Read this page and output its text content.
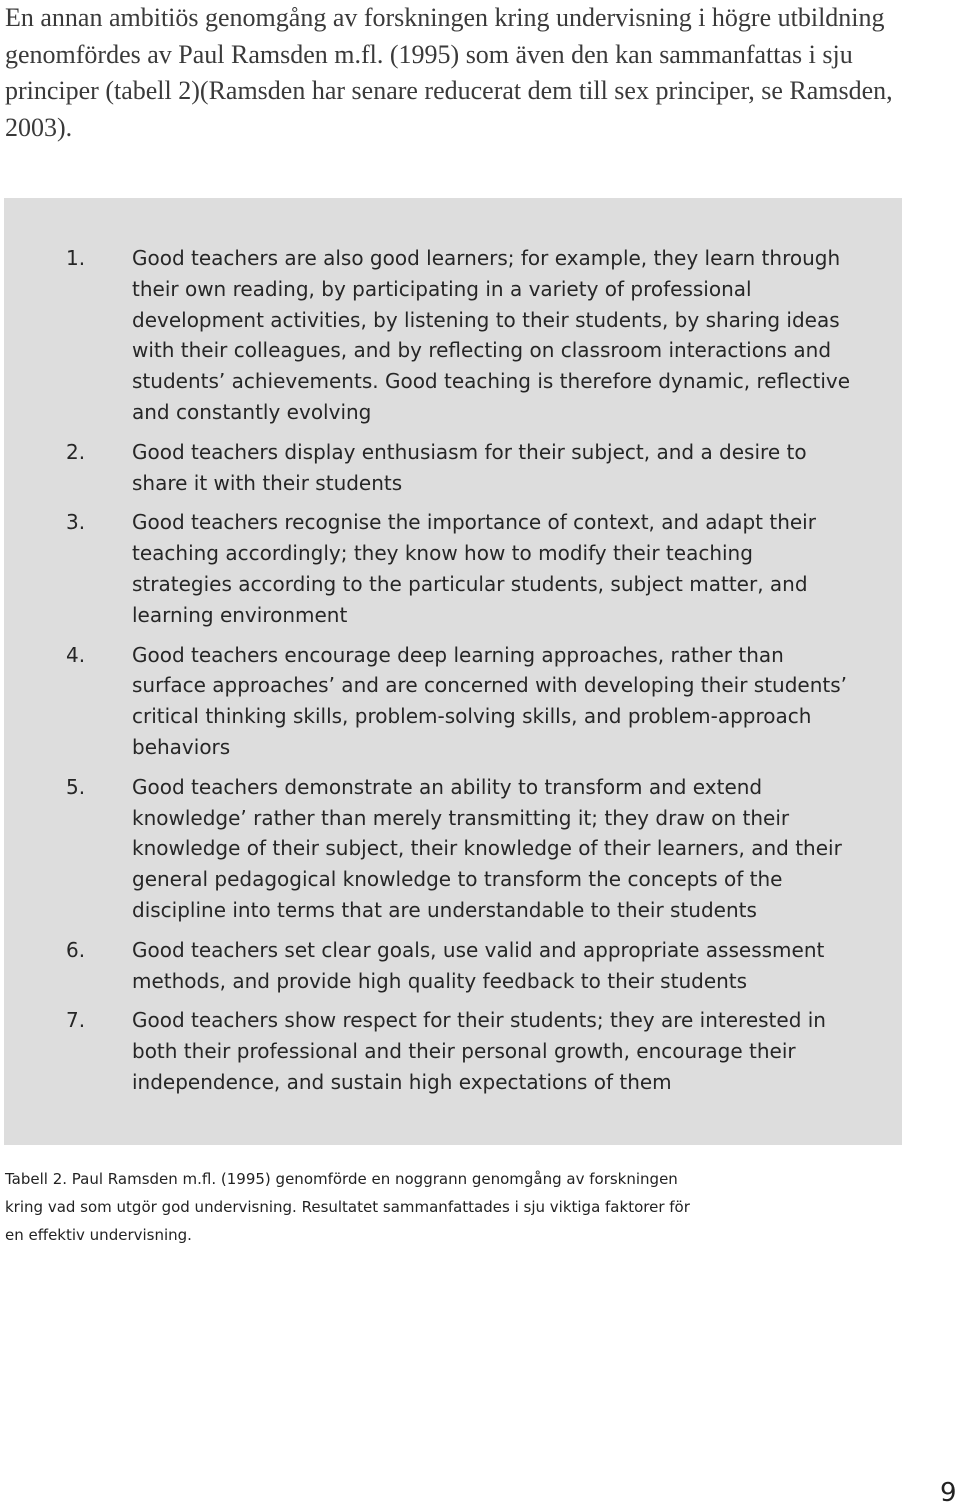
En annan ambitiös genomgång av forskningen kring undervisning i högre utbildning genomfördes av Paul Ramsden m.fl. (1995) som även den kan sammanfattas i sju principer (tabell 2)(Ramsden har senare reducerat dem till sex principer, se Ramsden, 2003).

1. Good teachers are also good learners; for example, they learn through their own reading, by participating in a variety of professional development activities, by listening to their students, by sharing ideas with their colleagues, and by reflecting on classroom interactions and students’ achievements. Good teaching is therefore dynamic, reflective and constantly evolving
2. Good teachers display enthusiasm for their subject, and a desire to share it with their students
3. Good teachers recognise the importance of context, and adapt their teaching accordingly; they know how to modify their teaching strategies according to the particular students, subject matter, and learning environment
4. Good teachers encourage deep learning approaches, rather than surface approaches’ and are concerned with developing their students’ critical thinking skills, problem-solving skills, and problem-approach behaviors
5. Good teachers demonstrate an ability to transform and extend knowledge’ rather than merely transmitting it; they draw on their knowledge of their subject, their knowledge of their learners, and their general pedagogical knowledge to transform the concepts of the discipline into terms that are understandable to their students
6. Good teachers set clear goals, use valid and appropriate assessment methods, and provide high quality feedback to their students
7. Good teachers show respect for their students; they are interested in both their professional and their personal growth, encourage their independence, and sustain high expectations of them

Tabell 2. Paul Ramsden m.fl. (1995) genomförde en noggrann genomgång av forskningen kring vad som utgör god undervisning. Resultatet sammanfattades i sju viktiga faktorer för en effektiv undervisning.

9
